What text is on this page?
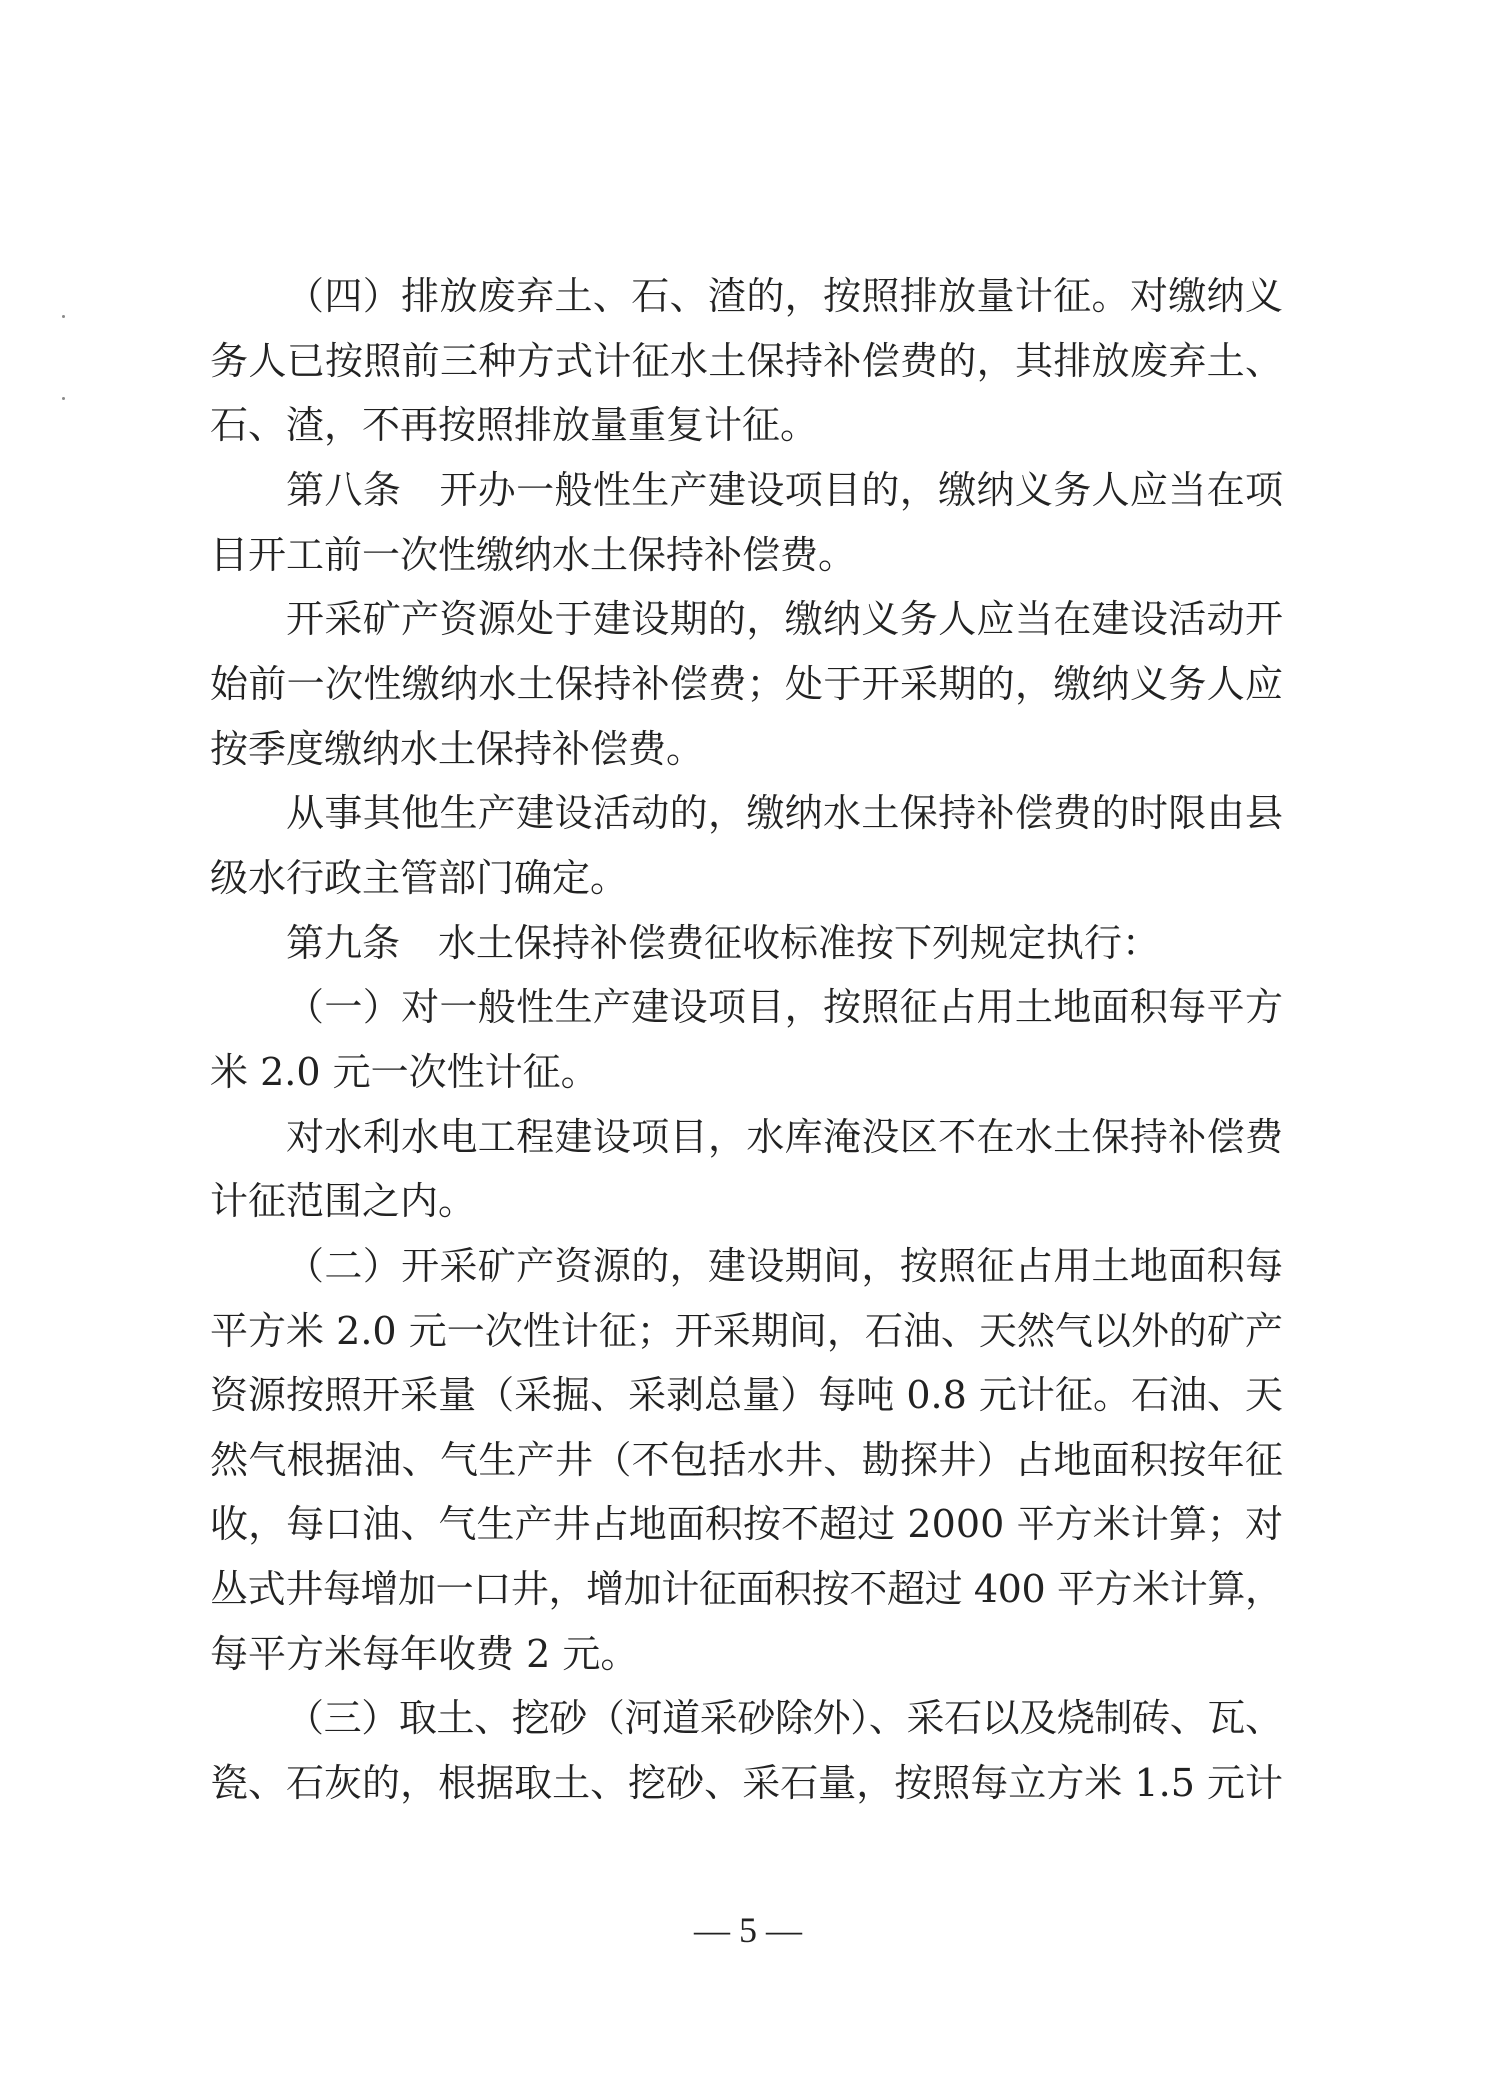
（四）排放废弃土、石、渣的，按照排放量计征。对缴纳义
务人已按照前三种方式计征水土保持补偿费的，其排放废弃土、
石、渣，不再按照排放量重复计征。
第八条　开办一般性生产建设项目的，缴纳义务人应当在项
目开工前一次性缴纳水土保持补偿费。
开采矿产资源处于建设期的，缴纳义务人应当在建设活动开
始前一次性缴纳水土保持补偿费；处于开采期的，缴纳义务人应
按季度缴纳水土保持补偿费。
从事其他生产建设活动的，缴纳水土保持补偿费的时限由县
级水行政主管部门确定。
第九条　水土保持补偿费征收标准按下列规定执行：
（一）对一般性生产建设项目，按照征占用土地面积每平方
米 2.0 元一次性计征。
对水利水电工程建设项目，水库淹没区不在水土保持补偿费
计征范围之内。
（二）开采矿产资源的，建设期间，按照征占用土地面积每
平方米 2.0 元一次性计征；开采期间，石油、天然气以外的矿产
资源按照开采量（采掘、采剥总量）每吨 0.8 元计征。石油、天
然气根据油、气生产井（不包括水井、勘探井）占地面积按年征
收，每口油、气生产井占地面积按不超过 2000 平方米计算；对
丛式井每增加一口井，增加计征面积按不超过 400 平方米计算，
每平方米每年收费 2 元。
（三）取土、挖砂（河道采砂除外）、采石以及烧制砖、瓦、
瓷、石灰的，根据取土、挖砂、采石量，按照每立方米 1.5 元计
— 5 —
